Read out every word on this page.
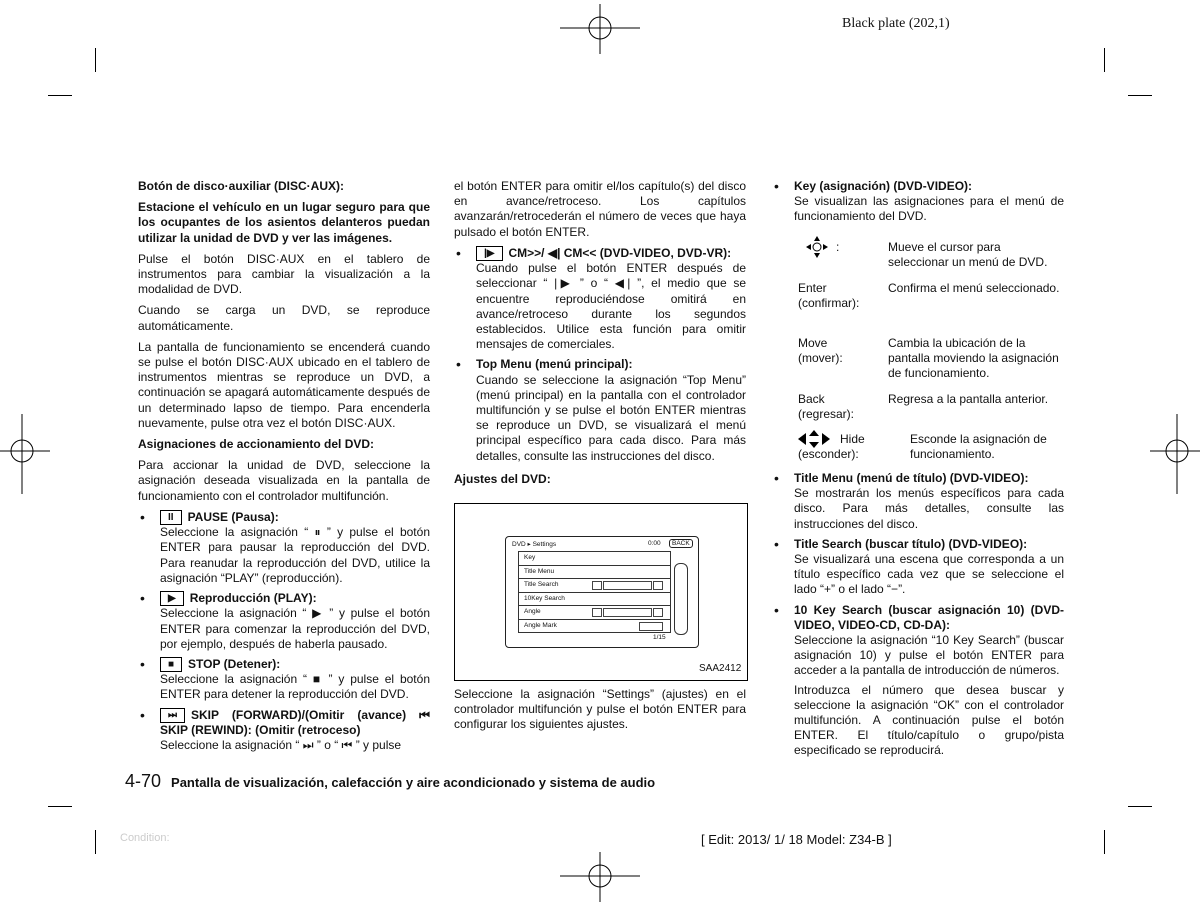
Black plate (202,1)

Botón de disco·auxiliar (DISC·AUX):

Estacione el vehículo en un lugar seguro para que los ocupantes de los asientos delanteros puedan utilizar la unidad de DVD y ver las imágenes.

Pulse el botón DISC·AUX en el tablero de instrumentos para cambiar la visualización a la modalidad de DVD.

Cuando se carga un DVD, se reproduce automáticamente.

La pantalla de funcionamiento se encenderá cuando se pulse el botón DISC·AUX ubicado en el tablero de instrumentos mientras se reproduce un DVD, a continuación se apagará automáticamente después de un determinado lapso de tiempo. Para encenderla nuevamente, pulse otra vez el botón DISC·AUX.

Asignaciones de accionamiento del DVD:

Para accionar la unidad de DVD, seleccione la asignación deseada visualizada en la pantalla de funcionamiento con el controlador multifunción.

• II PAUSE (Pausa):
Seleccione la asignación “ ⏸ ” y pulse el botón ENTER para pausar la reproducción del DVD. Para reanudar la reproducción del DVD, utilice la asignación “PLAY” (reproducción).
• ▶ Reproducción (PLAY):
Seleccione la asignación “ ▶ ” y pulse el botón ENTER para comenzar la reproducción del DVD, por ejemplo, después de haberla pausado.
• ■ STOP (Detener):
Seleccione la asignación “ ■ ” y pulse el botón ENTER para detener la reproducción del DVD.
• ⏭ SKIP (FORWARD)/(Omitir (avance) ⏮ SKIP (REWIND): (Omitir (retroceso)
Seleccione la asignación “ ⏭ ” o “ ⏮ ” y pulse

el botón ENTER para omitir el/los capítulo(s) del disco en avance/retroceso. Los capítulos avanzarán/retrocederán el número de veces que haya pulsado el botón ENTER.

• |▶ CM>>/ ◀| CM<< (DVD-VIDEO, DVD-VR):
Cuando pulse el botón ENTER después de seleccionar “ |▶ ” o “ ◀| ”, el medio que se encuentre reproduciéndose omitirá en avance/retroceso durante los segundos establecidos. Utilice esta función para omitir mensajes de comerciales.
• Top Menu (menú principal):
Cuando se seleccione la asignación “Top Menu” (menú principal) en la pantalla con el controlador multifunción y se pulse el botón ENTER mientras se reproduce un DVD, se visualizará el menú principal específico para cada disco. Para más detalles, consulte las instrucciones del disco.

Ajustes del DVD:

DVD ▸ Settings	0:00	BACK
Key
Title Menu
Title Search
10Key Search
Angle
Angle Mark
1/15
SAA2412

Seleccione la asignación “Settings” (ajustes) en el controlador multifunción y pulse el botón ENTER para configurar los siguientes ajustes.

• Key (asignación) (DVD-VIDEO):
Se visualizan las asignaciones para el menú de funcionamiento del DVD.
:	Mueve el cursor para seleccionar un menú de DVD.
Enter (confirmar):
Confirma el menú seleccionado.
Move (mover):
Cambia la ubicación de la pantalla moviendo la asignación de funcionamiento.
Back (regresar):
Regresa a la pantalla anterior.
Hide (esconder):
Esconde la asignación de funcionamiento.
• Title Menu (menú de título) (DVD-VIDEO):
Se mostrarán los menús específicos para cada disco. Para más detalles, consulte las instrucciones del disco.
• Title Search (buscar título) (DVD-VIDEO):
Se visualizará una escena que corresponda a un título específico cada vez que se seleccione el lado “+” o el lado “−”.
• 10 Key Search (buscar asignación 10) (DVD-VIDEO, VIDEO-CD, CD-DA):
Seleccione la asignación “10 Key Search” (buscar asignación 10) y pulse el botón ENTER para acceder a la pantalla de introducción de números.
Introduzca el número que desea buscar y seleccione la asignación “OK” con el controlador multifunción. A continuación pulse el botón ENTER. El título/capítulo o grupo/pista especificado se reproducirá.
4-70 Pantalla de visualización, calefacción y aire acondicionado y sistema de audio
Condition:	[ Edit: 2013/ 1/ 18 Model: Z34-B ]
